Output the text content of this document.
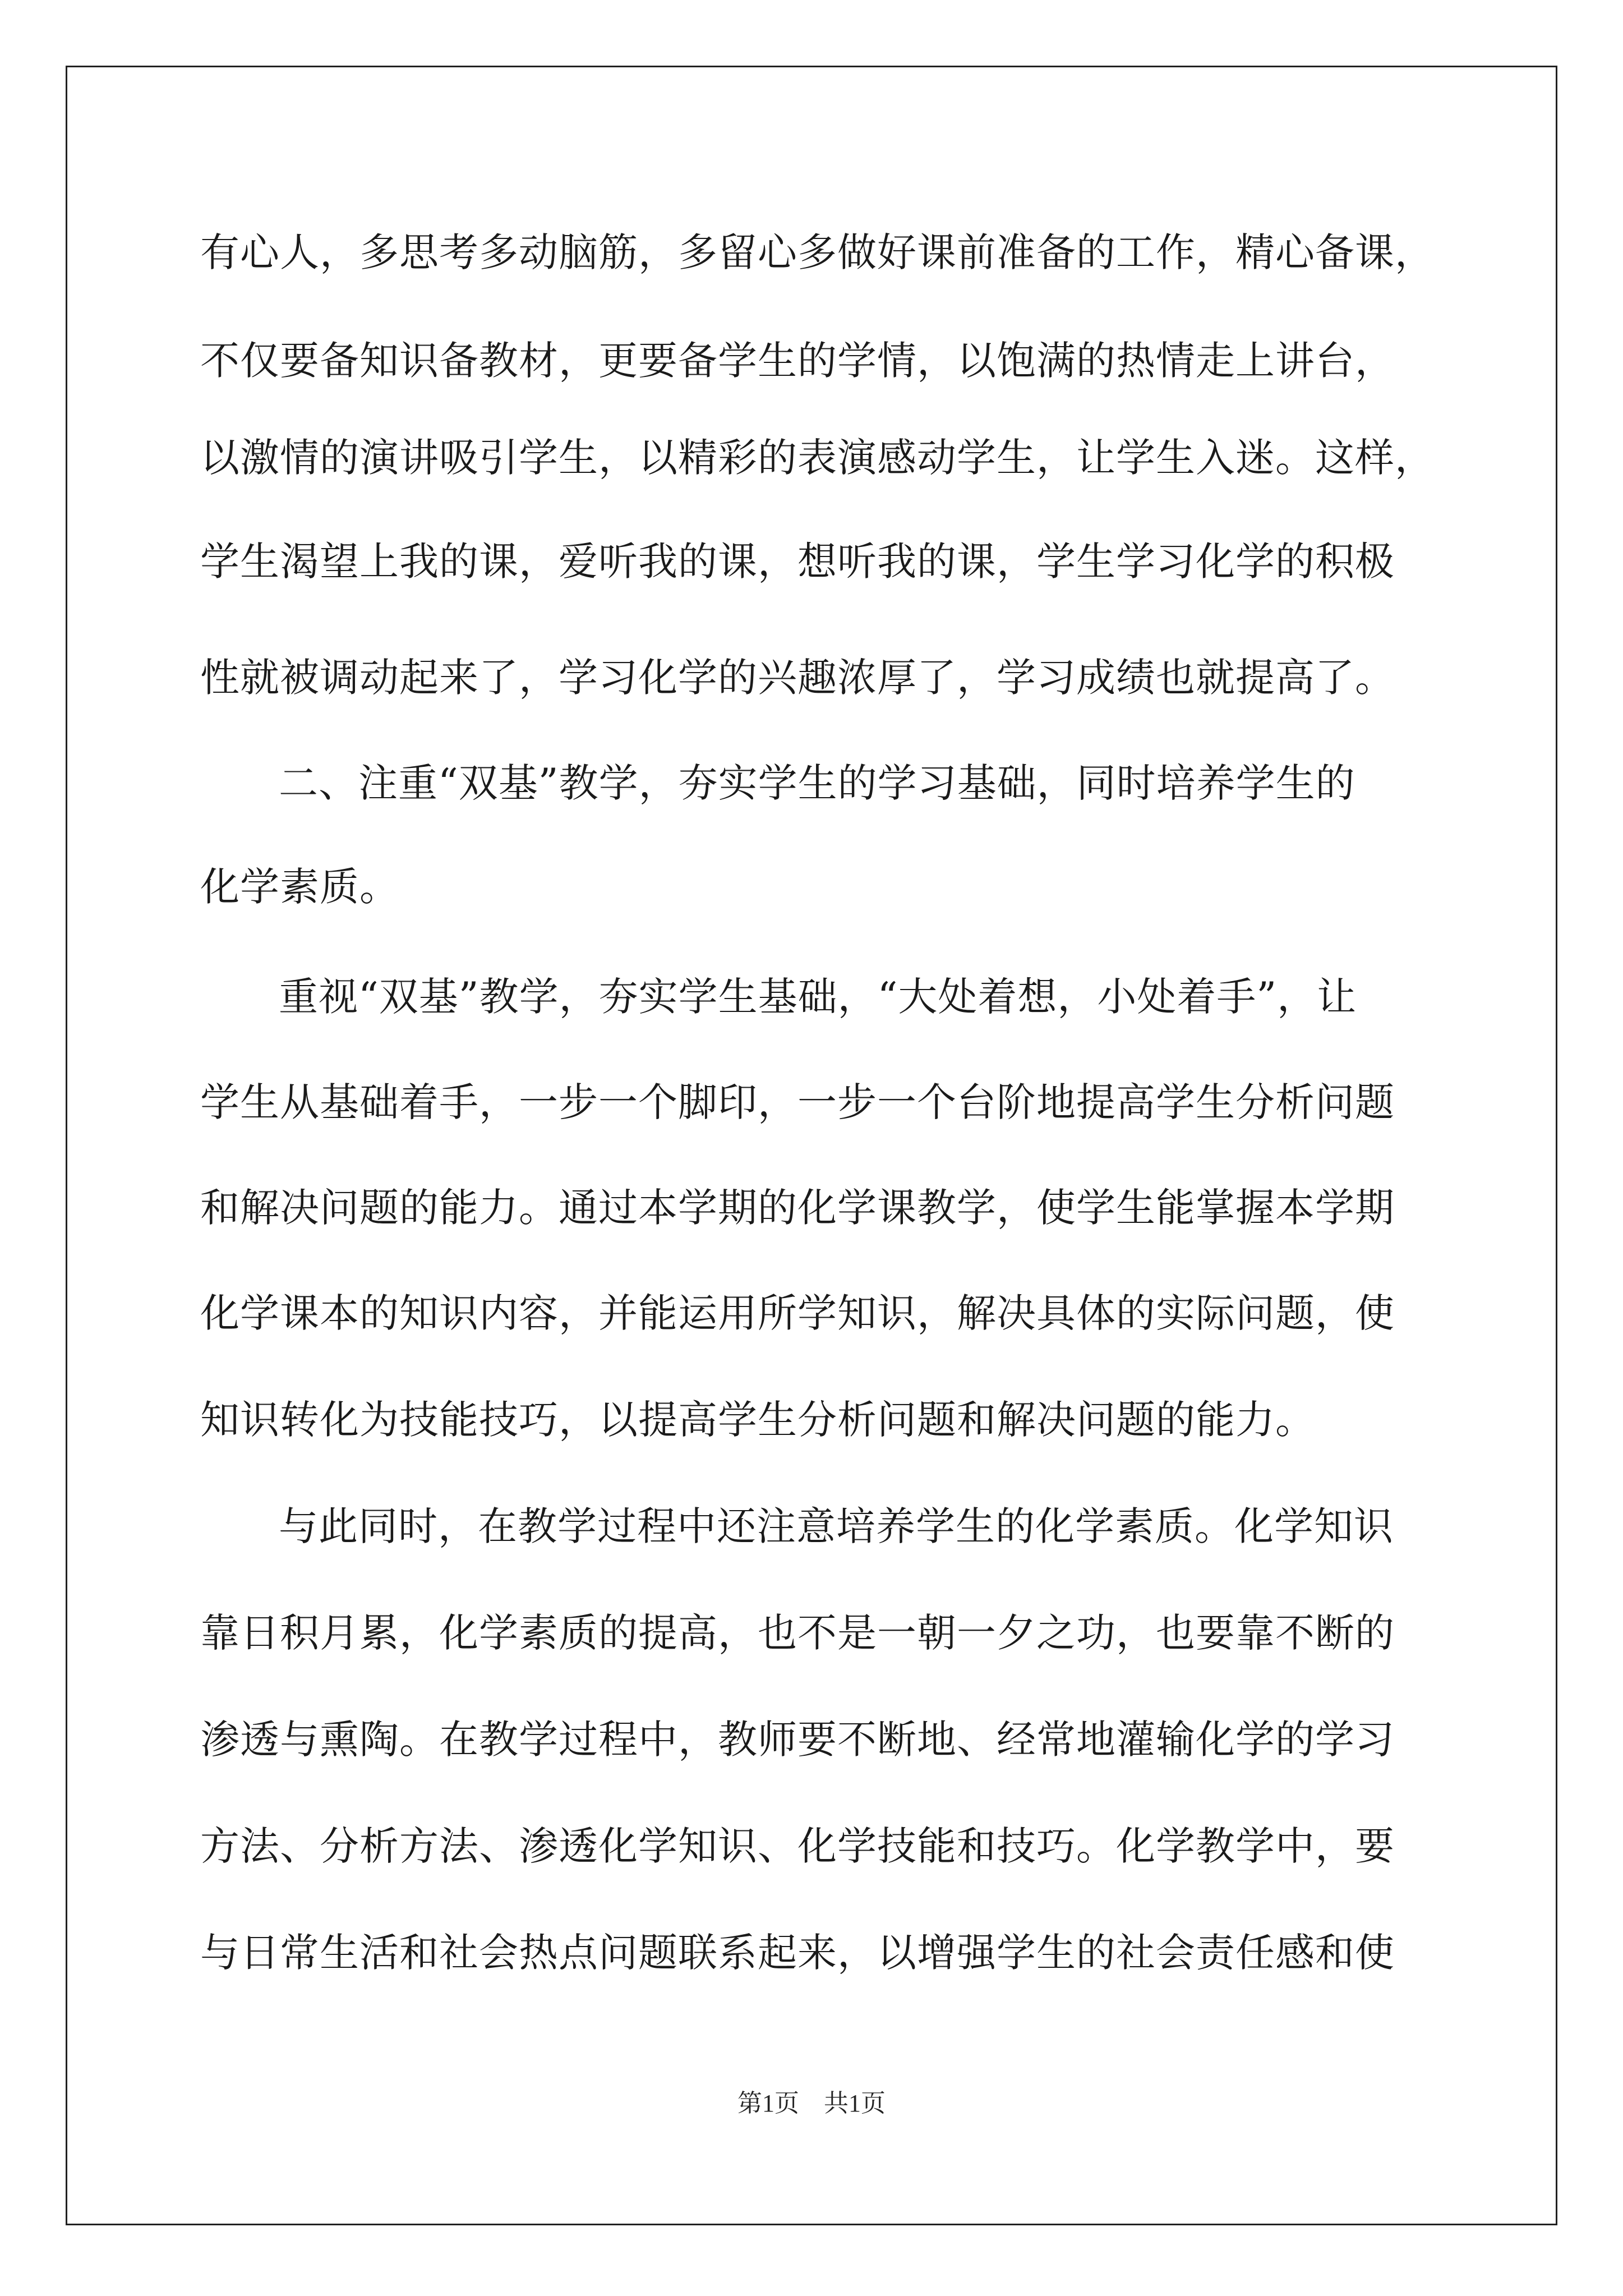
有心人，多思考多动脑筋，多留心多做好课前准备的工作，精心备课，
不仅要备知识备教材，更要备学生的学情，以饱满的热情走上讲台，
以激情的演讲吸引学生，以精彩的表演感动学生，让学生入迷。这样，
学生渴望上我的课，爱听我的课，想听我的课，学生学习化学的积极
性就被调动起来了，学习化学的兴趣浓厚了，学习成绩也就提高了。
二、注重“双基”教学，夯实学生的学习基础，同时培养学生的
化学素质。
重视“双基”教学，夯实学生基础，“大处着想，小处着手”，让
学生从基础着手，一步一个脚印，一步一个台阶地提高学生分析问题
和解决问题的能力。通过本学期的化学课教学，使学生能掌握本学期
化学课本的知识内容，并能运用所学知识，解决具体的实际问题，使
知识转化为技能技巧，以提高学生分析问题和解决问题的能力。
与此同时，在教学过程中还注意培养学生的化学素质。化学知识
靠日积月累，化学素质的提高，也不是一朝一夕之功，也要靠不断的
渗透与熏陶。在教学过程中，教师要不断地、经常地灌输化学的学习
方法、分析方法、渗透化学知识、化学技能和技巧。化学教学中，要
与日常生活和社会热点问题联系起来，以增强学生的社会责任感和使
第1页　共1页
